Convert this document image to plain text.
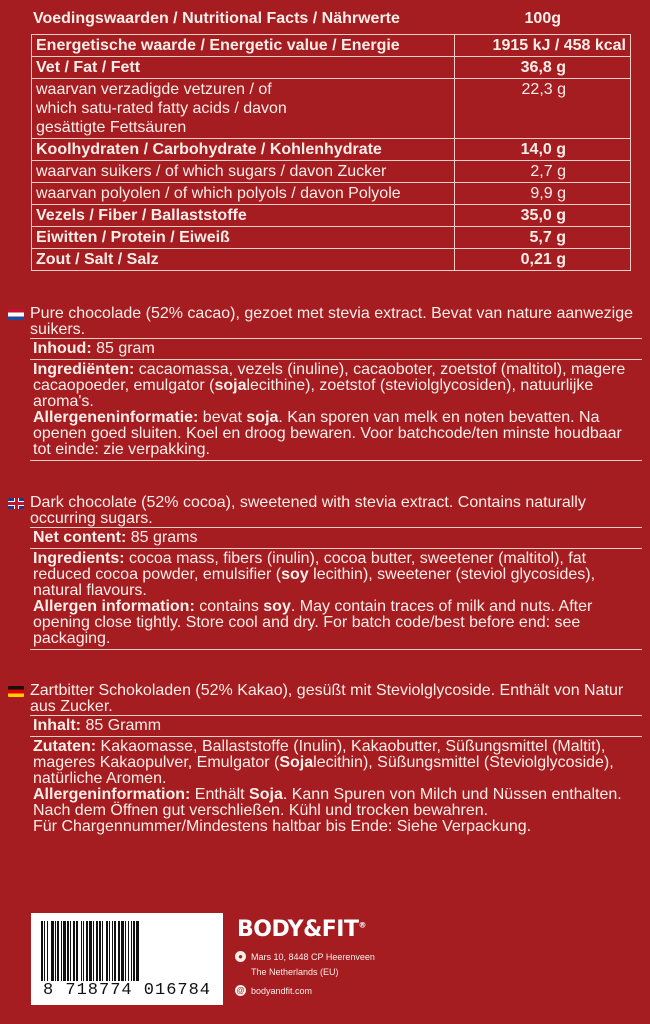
Voedingswaarden / Nutritional Facts / Nährwerte	100g
Energetische waarde / Energetic value / Energie	1915 kJ / 458 kcal
Vet / Fat / Fett	36,8 g
waarvan verzadigde vetzuren / of which satu-rated fatty acids / davon gesättigte Fettsäuren	22,3 g
Koolhydraten / Carbohydrate / Kohlenhydrate	14,0 g
waarvan suikers / of which sugars / davon Zucker	2,7 g
waarvan polyolen / of which polyols / davon Polyole	9,9 g
Vezels / Fiber / Ballaststoffe	35,0 g
Eiwitten / Protein / Eiweiß	5,7 g
Zout / Salt / Salz	0,21 g
Pure chocolade (52% cacao), gezoet met stevia extract. Bevat van nature aanwezige suikers.
Inhoud: 85 gram
Ingrediënten: cacaomassa, vezels (inuline), cacaoboter, zoetstof (maltitol), magere cacaopoeder, emulgator (sojalecithine), zoetstof (steviolglycosiden), natuurlijke aroma's.
Allergeneninformatie: bevat soja. Kan sporen van melk en noten bevatten. Na openen goed sluiten. Koel en droog bewaren. Voor batchcode/ten minste houdbaar tot einde: zie verpakking.
Dark chocolate (52% cocoa), sweetened with stevia extract. Contains naturally occurring sugars.
Net content: 85 grams
Ingredients: cocoa mass, fibers (inulin), cocoa butter, sweetener (maltitol), fat reduced cocoa powder, emulsifier (soy lecithin), sweetener (steviol glycosides), natural flavours.
Allergen information: contains soy. May contain traces of milk and nuts. After opening close tightly. Store cool and dry. For batch code/best before end: see packaging.
Zartbitter Schokoladen (52% Kakao), gesüßt mit Steviolglycoside. Enthält von Natur aus Zucker.
Inhalt: 85 Gramm
Zutaten: Kakaomasse, Ballaststoffe (Inulin), Kakaobutter, Süßungsmittel (Maltit), mageres Kakaopulver, Emulgator (Sojalecithin), Süßungsmittel (Steviolglycoside), natürliche Aromen.
Allergeninformation: Enthält Soja. Kann Spuren von Milch und Nüssen enthalten.
Nach dem Öffnen gut verschließen. Kühl und trocken bewahren.
Für Chargennummer/Mindestens haltbar bis Ende: Siehe Verpackung.
8 718774 016784
BODY&FIT®
● Mars 10, 8448 CP Heerenveen
The Netherlands (EU)
@ bodyandfit.com
